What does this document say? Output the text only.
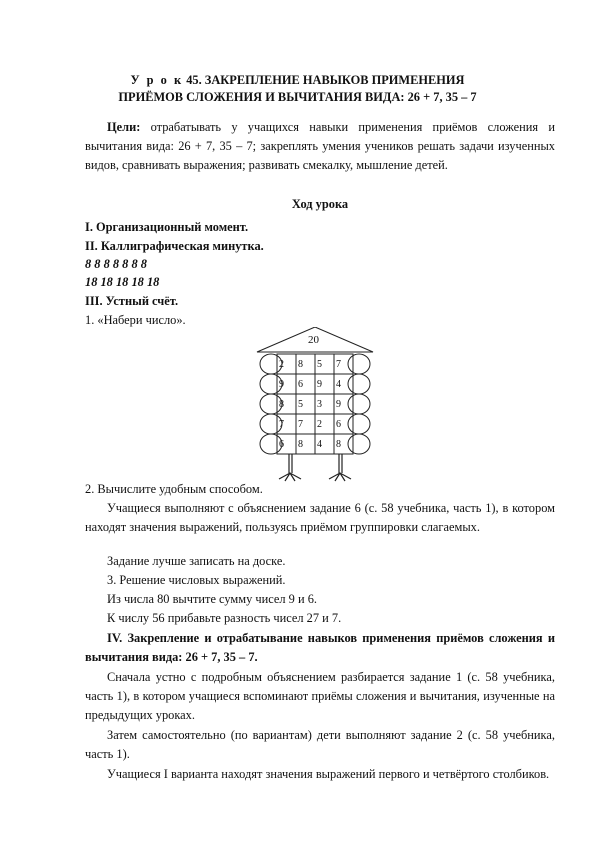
У р о к 45. ЗАКРЕПЛЕНИЕ НАВЫКОВ ПРИМЕНЕНИЯ
ПРИЁМОВ СЛОЖЕНИЯ И ВЫЧИТАНИЯ ВИДА: 26 + 7, 35 – 7
Цели: отрабатывать у учащихся навыки применения приёмов сложения и вычитания вида: 26 + 7, 35 – 7; закреплять умения учеников решать задачи изученных видов, сравнивать выражения; развивать смекалку, мышление детей.
Ход урока
I. Организационный момент.
II. Каллиграфическая минутка.
8 8 8 8 8 8 8
18 18 18 18 18
III. Устный счёт.
1. «Набери число».
20
2	8	5	7
9	6	9	4
8	5	3	9
7	7	2	6
6	8	4	8
2. Вычислите удобным способом.
Учащиеся выполняют с объяснением задание 6 (с. 58 учебника, часть 1), в котором находят значения выражений, пользуясь приёмом группировки слагаемых.
Задание лучше записать на доске.
3. Решение числовых выражений.
Из числа 80 вычтите сумму чисел 9 и 6.
К числу 56 прибавьте разность чисел 27 и 7.
IV. Закрепление и отрабатывание навыков применения приёмов сложения и вычитания вида: 26 + 7, 35 – 7.
Сначала устно с подробным объяснением разбирается задание 1 (с. 58 учебника, часть 1), в котором учащиеся вспоминают приёмы сложения и вычитания, изученные на предыдущих уроках.
Затем самостоятельно (по вариантам) дети выполняют задание 2 (с. 58 учебника, часть 1).
Учащиеся I варианта находят значения выражений первого и четвёртого столбиков.
